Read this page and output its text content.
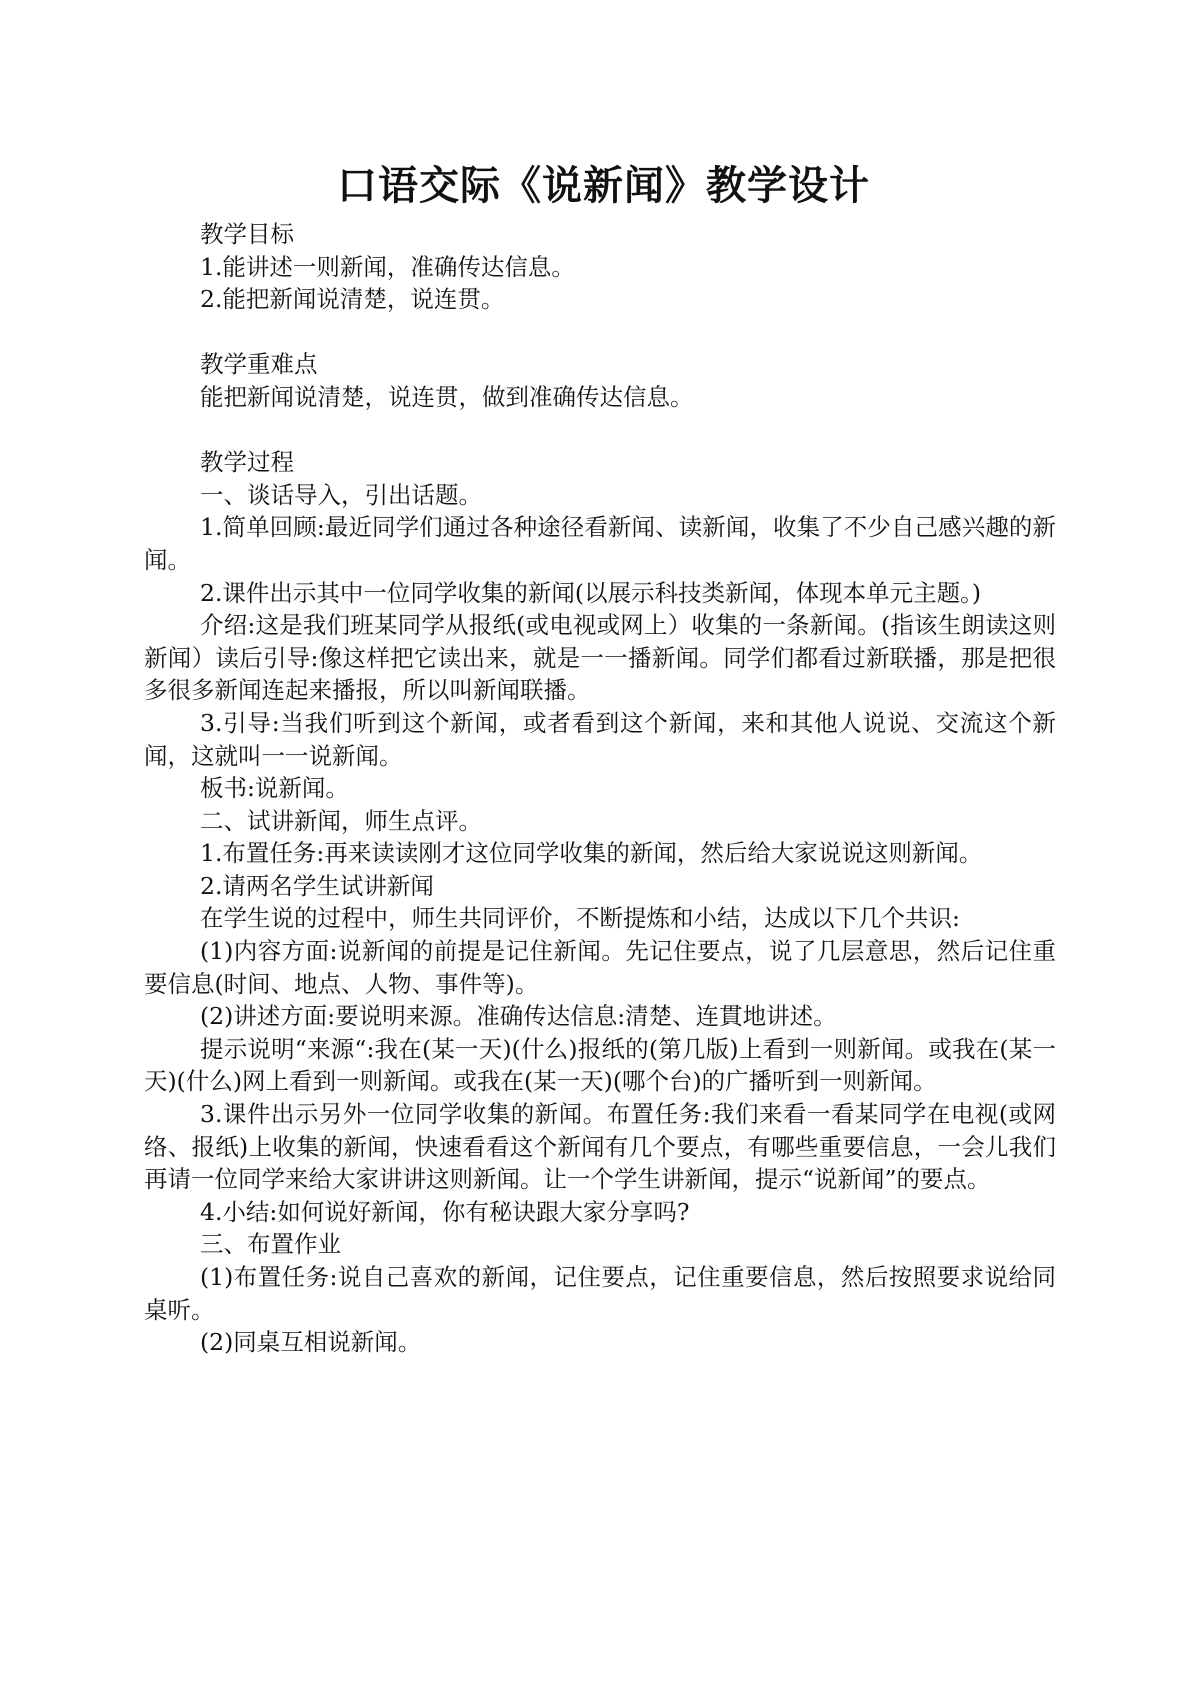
口语交际《说新闻》教学设计

教学目标

1.能讲述一则新闻，准确传达信息。

2.能把新闻说清楚，说连贯。

教学重难点

能把新闻说清楚，说连贯，做到准确传达信息。

教学过程

一、谈话导入，引出话题。

1.简单回顾:最近同学们通过各种途径看新闻、读新闻，收集了不少自己感兴趣的新闻。

2.课件出示其中一位同学收集的新闻(以展示科技类新闻，体现本单元主题。)

介绍:这是我们班某同学从报纸(或电视或网上）收集的一条新闻。(指该生朗读这则新闻）读后引导:像这样把它读出来，就是一一播新闻。同学们都看过新联播，那是把很多很多新闻连起来播报，所以叫新闻联播。

3.引导:当我们听到这个新闻，或者看到这个新闻，来和其他人说说、交流这个新闻，这就叫一一说新闻。

板书:说新闻。

二、试讲新闻，师生点评。

1.布置任务:再来读读刚才这位同学收集的新闻，然后给大家说说这则新闻。

2.请两名学生试讲新闻

在学生说的过程中，师生共同评价，不断提炼和小结，达成以下几个共识:

(1)内容方面:说新闻的前提是记住新闻。先记住要点，说了几层意思，然后记住重要信息(时间、地点、人物、事件等)。

(2)讲述方面:要说明来源。准确传达信息:清楚、连貫地讲述。

提示说明“来源“:我在(某一天)(什么)报纸的(第几版)上看到一则新闻。或我在(某一天)(什么)网上看到一则新闻。或我在(某一天)(哪个台)的广播听到一则新闻。

3.课件出示另外一位同学收集的新闻。布置任务:我们来看一看某同学在电视(或网络、报纸)上收集的新闻，快速看看这个新闻有几个要点，有哪些重要信息，一会儿我们再请一位同学来给大家讲讲这则新闻。让一个学生讲新闻，提示“说新闻”的要点。

4.小结:如何说好新闻，你有秘诀跟大家分享吗?

三、布置作业

(1)布置任务:说自己喜欢的新闻，记住要点，记住重要信息，然后按照要求说给同桌听。

(2)同桌互相说新闻。
